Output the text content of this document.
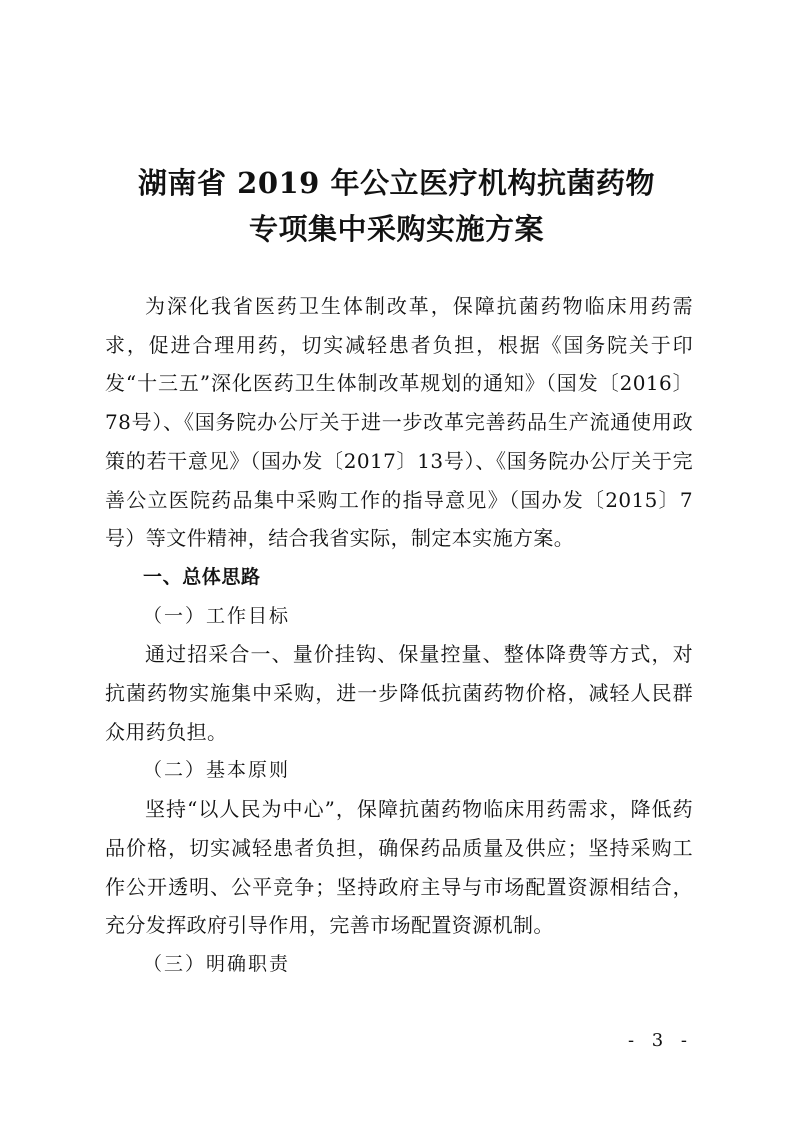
湖南省 2019 年公立医疗机构抗菌药物
专项集中采购实施方案

为深化我省医药卫生体制改革，保障抗菌药物临床用药需求，促进合理用药，切实减轻患者负担，根据《国务院关于印发“十三五”深化医药卫生体制改革规划的通知》（国发〔2016〕78号）、《国务院办公厅关于进一步改革完善药品生产流通使用政策的若干意见》（国办发〔2017〕13号）、《国务院办公厅关于完善公立医院药品集中采购工作的指导意见》（国办发〔2015〕7号）等文件精神，结合我省实际，制定本实施方案。

一、总体思路

（一）工作目标

通过招采合一、量价挂钩、保量控量、整体降费等方式，对抗菌药物实施集中采购，进一步降低抗菌药物价格，减轻人民群众用药负担。

（二）基本原则

坚持“以人民为中心”，保障抗菌药物临床用药需求，降低药品价格，切实减轻患者负担，确保药品质量及供应；坚持采购工作公开透明、公平竞争；坚持政府主导与市场配置资源相结合，充分发挥政府引导作用，完善市场配置资源机制。

（三）明确职责

- 3 -
